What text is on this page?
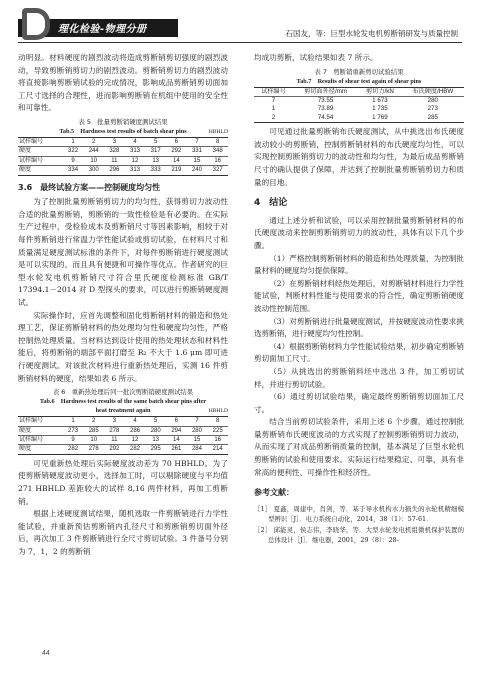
理化检验-物理分册	石国友，等：巨型水轮发电机剪断销研发与质量控制

动明显。材料硬度的剧烈波动将造成剪断销剪切强度的剧烈波动，导致剪断销剪切力的剧烈波动。剪断销剪切力的剧烈波动将直接影响剪断销试验的完成情况，影响成品剪断销剪切面加工尺寸选择的合理性，进而影响剪断销在机组中使用的安全性和可靠性。

表 5　批量剪断销硬度测试结果
Tab.5　Hardness test results of batch shear pins	HBHLD
试样编号	1	2	3	4	5	6	7	8
硬度	322	244	328	313	317	292	331	348
试样编号	9	10	11	12	13	14	15	16
硬度	334	300	296	313	333	219	240	327
3.6　最终试验方案——控制硬度均匀性

为了控制批量剪断销剪切力的均匀性，获得剪切力波动性合适的批量剪断销，剪断销的一致性检验是有必要的。在实际生产过程中，受检验成本及剪断销尺寸等因素影响，相较于对每件剪断销进行常温力学性能试验或剪切试验，在材料尺寸和质量满足硬度测试标准的条件下，对每件剪断销进行硬度测试是可以实现的，而且具有便捷和可操作等优点。作者研究的巨型水轮发电机剪断销尺寸符合里氏硬度检测标准 GB/T 17394.1－2014 对 D 型探头的要求，可以进行剪断销硬度测试。

实际操作时，应首先调整和固化剪断销材料的锻造和热处理工艺，保证剪断销材料的热处理均匀性和硬度均匀性，严格控制热处理质量。当材料达到设计使用的热处理状态和材料性能后，将剪断销的端部平面打磨至 R₂ 不大于 1.6 μm 即可进行硬度测试。对该批次材料进行重新热处理后，实测 16 件剪断销材料的硬度，结果如表 6 所示。

表 6　重新热处理后同一批次剪断销硬度测试结果
Tab.6　Hardness test results of the same batch shear pins after
heat treatment again	HBHLD
试样编号	1	2	3	4	5	6	7	8
硬度	273	285	278	286	280	294	280	225
试样编号	9	10	11	12	13	14	15	16
硬度	282	278	292	282	295	261	284	214

可见重新热处理后实际硬度波动差为 70 HBHLD。为了使剪断销硬度波动更小，选择加工时，可以剔除硬度与平均值 271 HBHLD 差距较大的试样 8,16 两件材料，再加工剪断销。

根据上述硬度测试结果，随机选取一件剪断销进行力学性能试验，并重新预估剪断销内孔径尺寸和剪断销剪切面外径后，再次加工 3 件剪断销进行全尺寸剪切试验。3 件备号分别为 7，1，2 的剪断销

44

均成功剪断，试验结果如表 7 所示。

表 7　剪断销重新剪切试验结果
Tab.7　Results of shear test again of shear pins
试样编号	剪切面外径/mm	剪切力/kN	布氏硬度/HBW
7	73.55	1 673	280
1	73.89	1 735	273
2	74.54	1 769	285

可见通过批量剪断销布氏硬度测试，从中挑选出布氏硬度波动较小的剪断销，控制剪断销材料的布氏硬度均匀性，可以实现控制剪断销剪切力的波动性和均匀性，为最后成品剪断销尺寸的确认提供了保障，并达到了控制批量剪断销剪切力和质量的目地。

4　结论

通过上述分析和试验，可以采用控制批量剪断销材料的布氏硬度波动来控制剪断销剪切力的波动性，具体有以下几个步骤。

（1）严格控制剪断销材料的锻造和热处理质量，为控制批量材料的硬度均匀提供保障。

（2）在剪断销材料经热处理后，对剪断销材料进行力学性能试验，判断材料性能与使用要求的符合性，确定剪断销硬度波动性控制范围。

（3）对剪断销进行批量硬度测试，并按硬度波动性要求挑选剪断销，进行硬度均匀性控制。

（4）根据剪断销材料力学性能试验结果，初步确定剪断销剪切面加工尺寸。

（5）从挑选出的剪断销料坯中选出 3 件，加工剪切试样，并进行剪切试验。

（6）通过剪切试验结果，确定最终剪断销剪切面加工尺寸。

结合当前剪切试验条件，采用上述 6 个步骤，通过控制批量剪断销布氏硬度波动的方式实现了控制剪断销剪切力波动，从而实现了对成品剪断销质量的控制，基本满足了巨型水轮机剪断销的试验和使用要求。实际运行结果稳定、可靠，具有非常高的便利性、可操作性和经济性。

参考文献：
［1］ 夏鑫，周建中，肖剑，等．基于导水机构水力损失的水轮机精细模型辨识［J］．电力系统自动化，2014，38（1）：57-61．
［2］ 邱能灵，侯志伟，李晓华，等．大型水轮发电机组微机保护装置的总体设计［J］．继电器，2001，29（8）：28-
